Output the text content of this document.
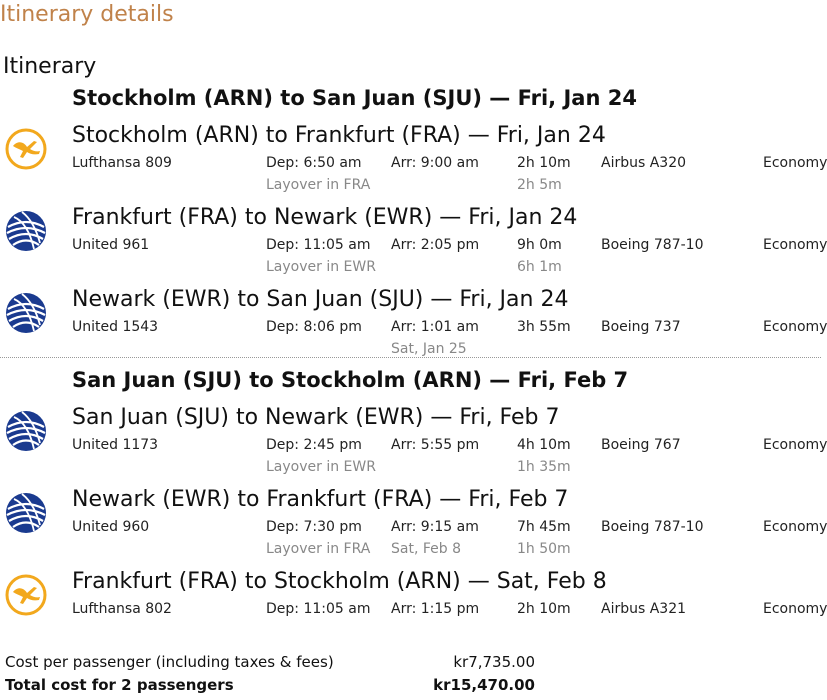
Itinerary details
Itinerary
Stockholm (ARN) to San Juan (SJU) — Fri, Jan 24
Stockholm (ARN) to Frankfurt (FRA) — Fri, Jan 24
Lufthansa 809	Dep: 6:50 am Arr: 9:00 am	2h 10m Airbus A320	Economy
Layover in FRA	2h 5m
Frankfurt (FRA) to Newark (EWR) — Fri, Jan 24
United 961	Dep: 11:05 am Arr: 2:05 pm	9h 0m	Boeing 787-10	Economy
Layover in EWR	6h 1m
Newark (EWR) to San Juan (SJU) — Fri, Jan 24
United 1543	Dep: 8:06 pm Arr: 1:01 am	3h 55m Boeing 737	Economy
Sat, Jan 25
San Juan (SJU) to Stockholm (ARN) — Fri, Feb 7
San Juan (SJU) to Newark (EWR) — Fri, Feb 7
United 1173	Dep: 2:45 pm Arr: 5:55 pm	4h 10m Boeing 767	Economy
Layover in EWR	1h 35m
Newark (EWR) to Frankfurt (FRA) — Fri, Feb 7
United 960	Dep: 7:30 pm Arr: 9:15 am	7h 45m Boeing 787-10	Economy
Layover in FRA Sat, Feb 8	1h 50m
Frankfurt (FRA) to Stockholm (ARN) — Sat, Feb 8
Lufthansa 802	Dep: 11:05 am Arr: 1:15 pm	2h 10m Airbus A321	Economy
Cost per passenger (including taxes & fees)	kr7,735.00
Total cost for 2 passengers	kr15,470.00
